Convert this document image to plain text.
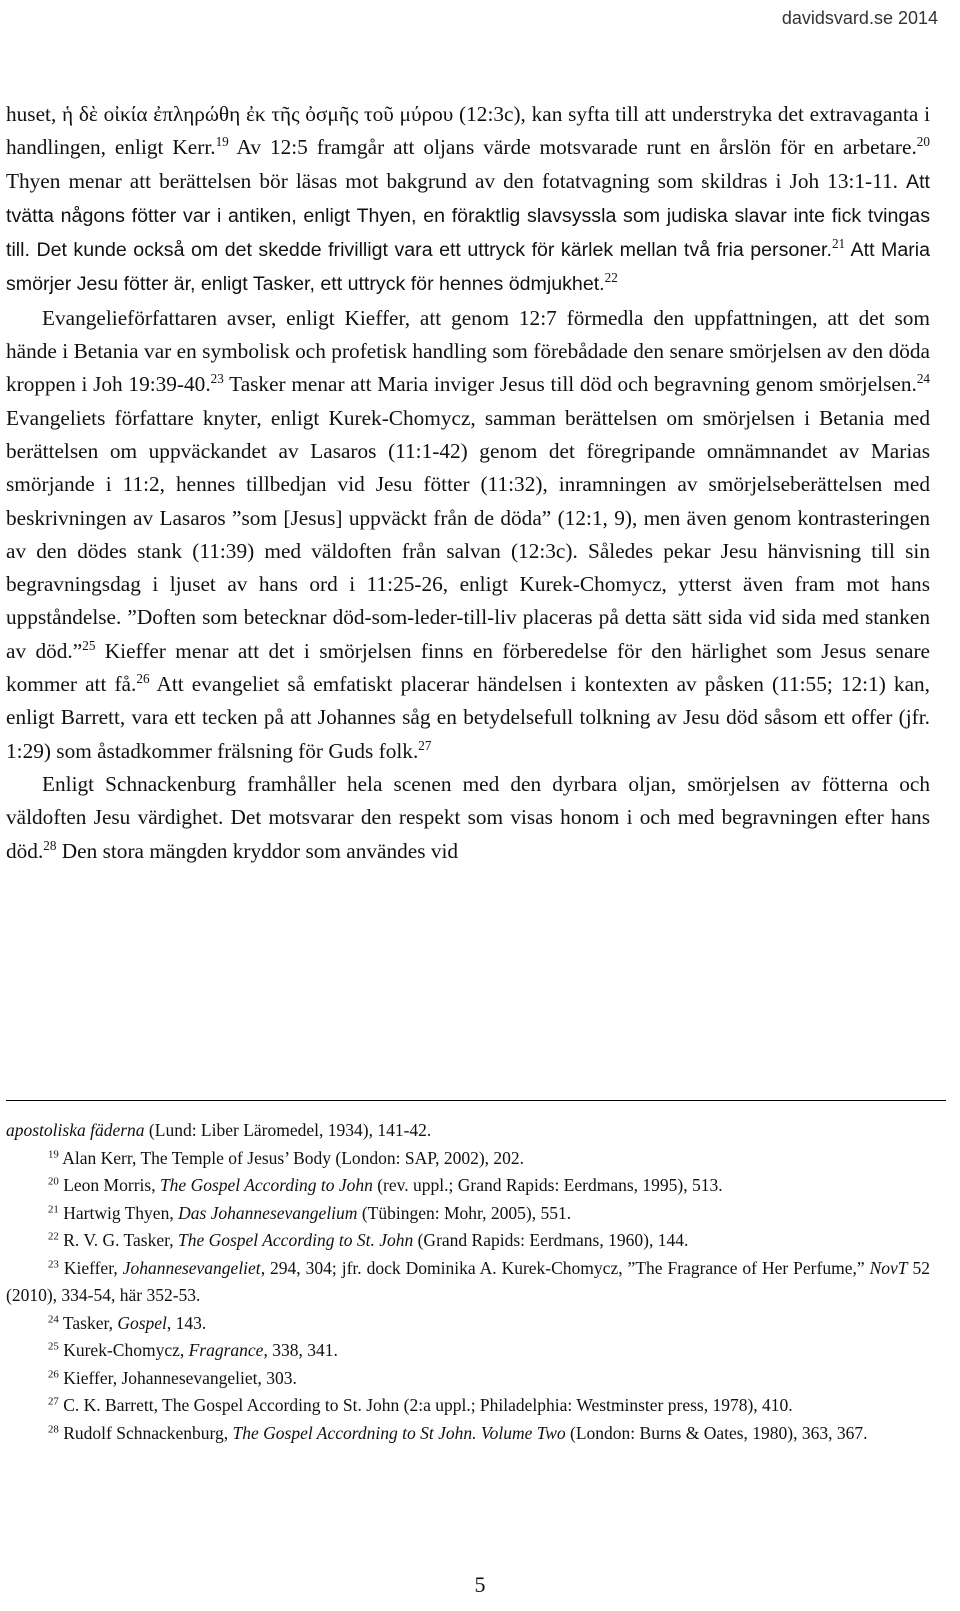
davidsvard.se 2014

huset, ἡ δὲ οἰκία ἐπληρώθη ἐκ τῆς ὀσμῆς τοῦ μύρου (12:3c), kan syfta till att understryka det extravaganta i handlingen, enligt Kerr.$^{19}$ Av 12:5 framgår att oljans värde motsvarade runt en årslön för en arbetare.$^{20}$ Thyen menar att berättelsen bör läsas mot bakgrund av den fotatvagning som skildras i Joh 13:1-11. Att tvätta någons fötter var i antiken, enligt Thyen, en föraktlig slavsyssla som judiska slavar inte fick tvingas till. Det kunde också om det skedde frivilligt vara ett uttryck för kärlek mellan två fria personer.$^{21}$ Att Maria smörjer Jesu fötter är, enligt Tasker, ett uttryck för hennes ödmjukhet.$^{22}$

Evangelieförfattaren avser, enligt Kieffer, att genom 12:7 förmedla den uppfattningen, att det som hände i Betania var en symbolisk och profetisk handling som förebådade den senare smörjelsen av den döda kroppen i Joh 19:39-40.23 Tasker menar att Maria inviger Jesus till död och begravning genom smörjelsen.$^{24}$ Evangeliets författare knyter, enligt Kurek-Chomycz, samman berättelsen om smörjelsen i Betania med berättelsen om uppväckandet av Lasaros (11:1-42) genom det föregripande omnämnandet av Marias smörjande i 11:2, hennes tillbedjan vid Jesu fötter (11:32), inramningen av smörjelseberättelsen med beskrivningen av Lasaros ”som [Jesus] uppväckt från de döda” (12:1, 9), men även genom kontrasteringen av den dödes stank (11:39) med väldoften från salvan (12:3c). Således pekar Jesu hänvisning till sin begravningsdag i ljuset av hans ord i 11:25-26, enligt Kurek-Chomycz, ytterst även fram mot hans uppståndelse. ”Doften som betecknar död-som-leder-till-liv placeras på detta sätt sida vid sida med stanken av död.”$^{25}$ Kieffer menar att det i smörjelsen finns en förberedelse för den härlighet som Jesus senare kommer att få.$^{26}$ Att evangeliet så emfatiskt placerar händelsen i kontexten av påsken (11:55; 12:1) kan, enligt Barrett, vara ett tecken på att Johannes såg en betydelsefull tolkning av Jesu död såsom ett offer (jfr. 1:29) som åstadkommer frälsning för Guds folk.$^{27}$

Enligt Schnackenburg framhåller hela scenen med den dyrbara oljan, smörjelsen av fötterna och väldoften Jesu värdighet. Det motsvarar den respekt som visas honom i och med begravningen efter hans död.$^{28}$ Den stora mängden kryddor som användes vid

apostoliska fäderna (Lund: Liber Läromedel, 1934), 141-42.

$^{19}$ Alan Kerr, The Temple of Jesus’ Body (London: SAP, 2002), 202.

$^{20}$ Leon Morris, The Gospel According to John (rev. uppl.; Grand Rapids: Eerdmans, 1995), 513.

$^{21}$ Hartwig Thyen, Das Johannesevangelium (Tübingen: Mohr, 2005), 551.

$^{22}$ R. V. G. Tasker, The Gospel According to St. John (Grand Rapids: Eerdmans, 1960), 144.

$^{23}$ Kieffer, Johannesevangeliet, 294, 304; jfr. dock Dominika A. Kurek-Chomycz, ”The Fragrance of Her Perfume,” NovT 52 (2010), 334-54, här 352-53.

$^{24}$ Tasker, Gospel, 143.

$^{25}$ Kurek-Chomycz, Fragrance, 338, 341.

$^{26}$ Kieffer, Johannesevangeliet, 303.

$^{27}$ C. K. Barrett, The Gospel According to St. John (2:a uppl.; Philadelphia: Westminster press, 1978), 410.

$^{28}$ Rudolf Schnackenburg, The Gospel Accordning to St John. Volume Two (London: Burns & Oates, 1980), 363, 367.

5
